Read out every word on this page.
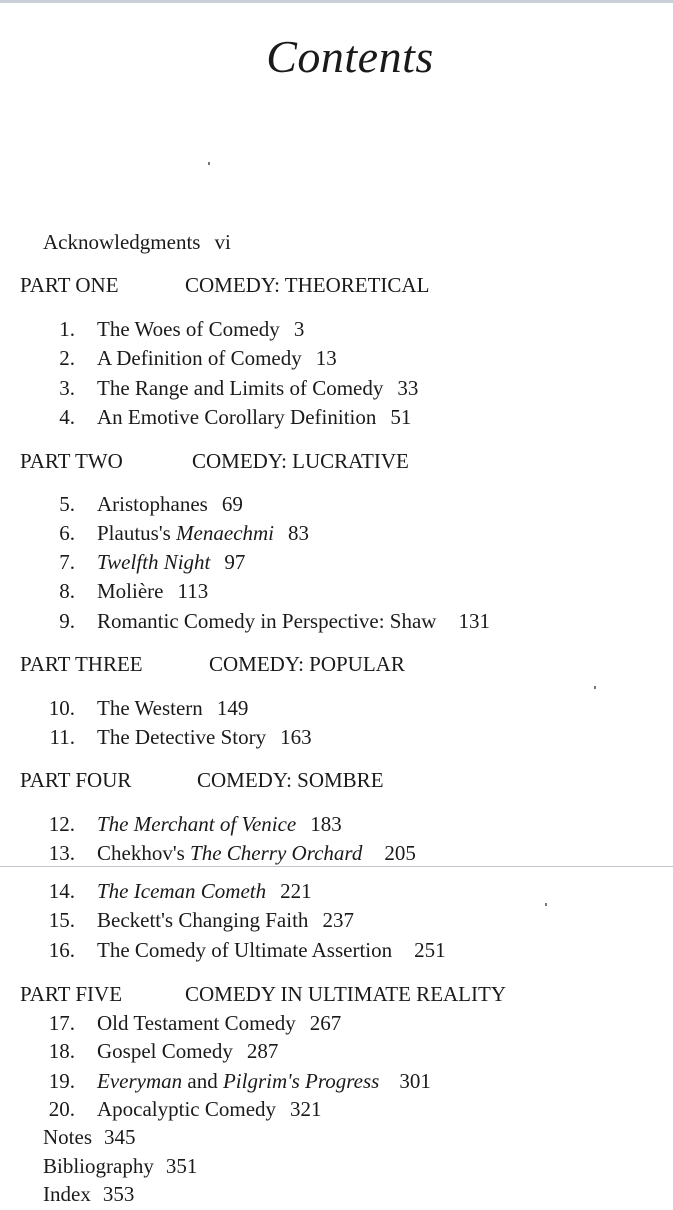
Contents
Acknowledgments vi
PART ONE	COMEDY: THEORETICAL
1. The Woes of Comedy 3
2. A Definition of Comedy 13
3. The Range and Limits of Comedy 33
4. An Emotive Corollary Definition 51
PART TWO	COMEDY: LUCRATIVE
5. Aristophanes 69
6. Plautus's Menaechmi 83
7. Twelfth Night 97
8. Molière 113
9. Romantic Comedy in Perspective: Shaw 131
PART THREE	COMEDY: POPULAR
10. The Western 149
11. The Detective Story 163
PART FOUR	COMEDY: SOMBRE
12. The Merchant of Venice 183
13. Chekhov's The Cherry Orchard 205
14. The Iceman Cometh 221
15. Beckett's Changing Faith 237
16. The Comedy of Ultimate Assertion 251
PART FIVE	COMEDY IN ULTIMATE REALITY
17. Old Testament Comedy 267
18. Gospel Comedy 287
19. Everyman and Pilgrim's Progress 301
20. Apocalyptic Comedy 321
Notes 345
Bibliography 351
Index 353
